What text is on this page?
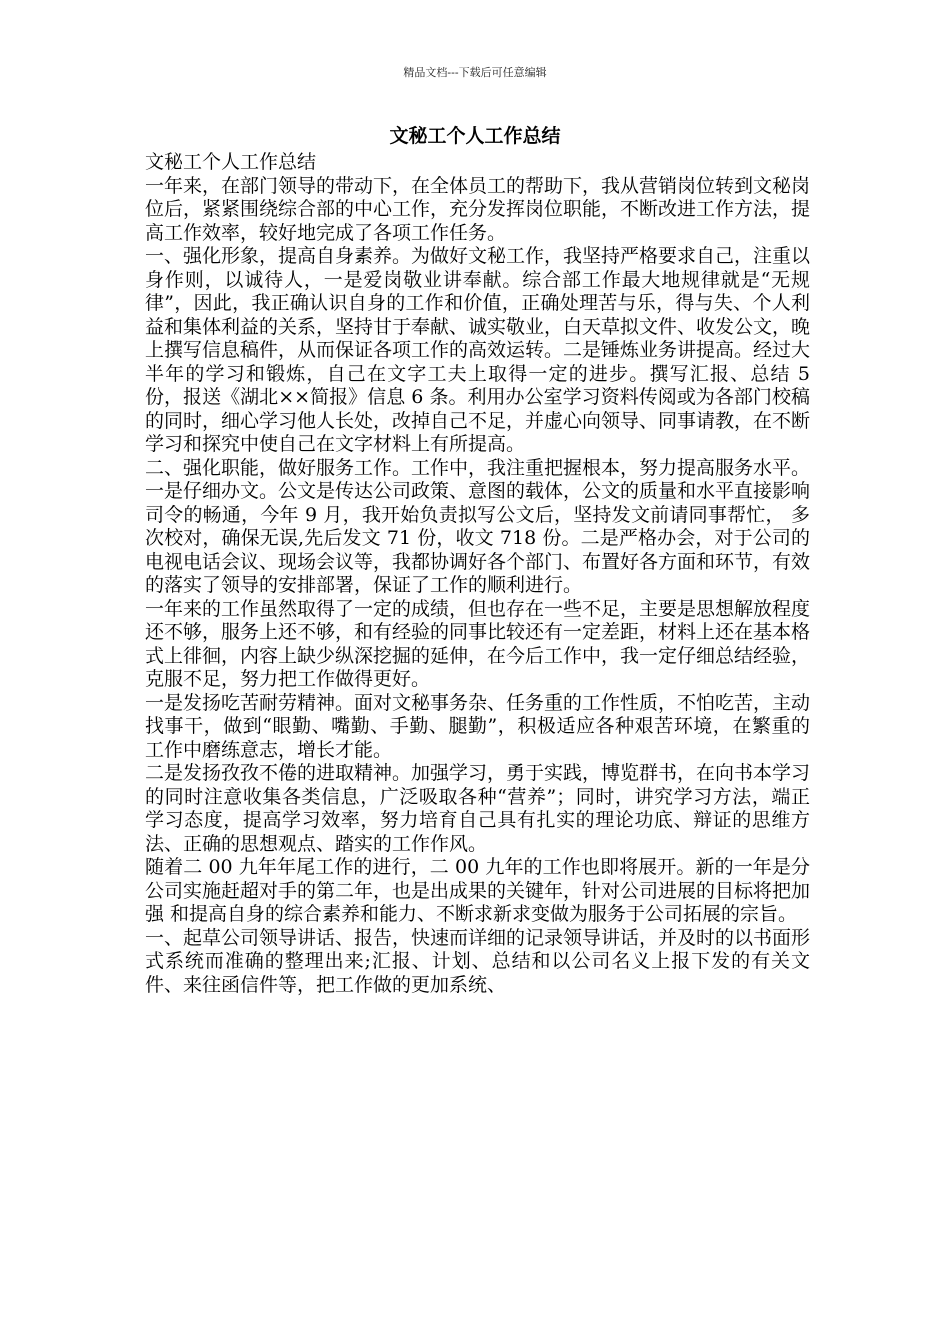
精品文档---下载后可任意编辑
文秘工个人工作总结

文秘工个人工作总结

一年来，在部门领导的带动下，在全体员工的帮助下，我从营销岗位转到文秘岗位后，紧紧围绕综合部的中心工作，充分发挥岗位职能，不断改进工作方法，提高工作效率，较好地完成了各项工作任务。

一、强化形象，提高自身素养。为做好文秘工作，我坚持严格要求自己，注重以身作则，以诚待人，一是爱岗敬业讲奉献。综合部工作最大地规律就是“无规律”，因此，我正确认识自身的工作和价值，正确处理苦与乐，得与失、个人利益和集体利益的关系，坚持甘于奉献、诚实敬业，白天草拟文件、收发公文，晚上撰写信息稿件，从而保证各项工作的高效运转。二是锤炼业务讲提高。经过大半年的学习和锻炼，自己在文字工夫上取得一定的进步。撰写汇报、总结 5 份，报送《湖北××简报》信息 6 条。利用办公室学习资料传阅或为各部门校稿的同时，细心学习他人长处，改掉自己不足，并虚心向领导、同事请教，在不断学习和探究中使自己在文字材料上有所提高。

二、强化职能，做好服务工作。工作中，我注重把握根本，努力提高服务水平。一是仔细办文。公文是传达公司政策、意图的载体，公文的质量和水平直接影响司令的畅通，今年 9 月，我开始负责拟写公文后，坚持发文前请同事帮忙， 多次校对，确保无误,先后发文 71 份，收文 718 份。二是严格办会，对于公司的电视电话会议、现场会议等，我都协调好各个部门、布置好各方面和环节，有效的落实了领导的安排部署，保证了工作的顺利进行。

一年来的工作虽然取得了一定的成绩，但也存在一些不足，主要是思想解放程度还不够，服务上还不够，和有经验的同事比较还有一定差距，材料上还在基本格式上徘徊，内容上缺少纵深挖掘的延伸，在今后工作中，我一定仔细总结经验，克服不足，努力把工作做得更好。

一是发扬吃苦耐劳精神。面对文秘事务杂、任务重的工作性质，不怕吃苦，主动找事干，做到“眼勤、嘴勤、手勤、腿勤”，积极适应各种艰苦环境，在繁重的工作中磨练意志，增长才能。

二是发扬孜孜不倦的进取精神。加强学习，勇于实践，博览群书，在向书本学习的同时注意收集各类信息，广泛吸取各种“营养”；同时，讲究学习方法，端正学习态度，提高学习效率，努力培育自己具有扎实的理论功底、辩证的思维方法、正确的思想观点、踏实的工作作风。

随着二 00 九年年尾工作的进行，二 00 九年的工作也即将展开。新的一年是分公司实施赶超对手的第二年，也是出成果的关键年，针对公司进展的目标将把加强 和提高自身的综合素养和能力、不断求新求变做为服务于公司拓展的宗旨。

一、起草公司领导讲话、报告，快速而详细的记录领导讲话，并及时的以书面形式系统而准确的整理出来;汇报、计划、总结和以公司名义上报下发的有关文件、来往函信件等，把工作做的更加系统、
